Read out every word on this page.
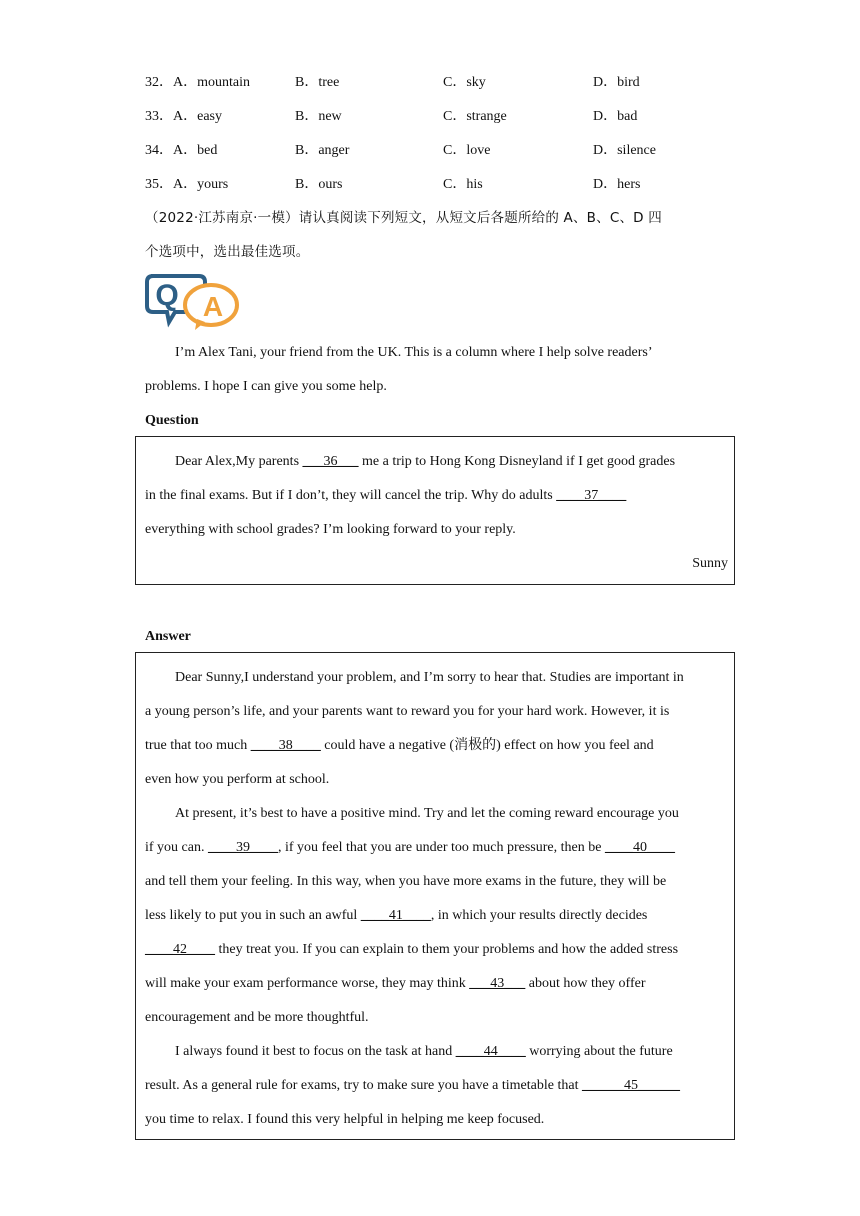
32．A．mountain	B．tree	C．sky	D．bird
33．A．easy	B．new	C．strange	D．bad
34．A．bed	B．anger	C．love	D．silence
35．A．yours	B．ours	C．his	D．hers
（2022·江苏南京·一模）请认真阅读下列短文，从短文后各题所给的 A、B、C、D 四
个选项中，选出最佳选项。
Q A
I’m Alex Tani, your friend from the UK. This is a column where I help solve readers’
problems. I hope I can give you some help.
Question
Dear Alex,My parents ___36___ me a trip to Hong Kong Disneyland if I get good grades
in the final exams. But if I don’t, they will cancel the trip. Why do adults ____37____
everything with school grades? I’m looking forward to your reply.
Sunny
Answer
Dear Sunny,I understand your problem, and I’m sorry to hear that. Studies are important in
a young person’s life, and your parents want to reward you for your hard work. However, it is
true that too much ____38____ could have a negative (消极的) effect on how you feel and
even how you perform at school.
At present, it’s best to have a positive mind. Try and let the coming reward encourage you
if you can. ____39____, if you feel that you are under too much pressure, then be ____40____
and tell them your feeling. In this way, when you have more exams in the future, they will be
less likely to put you in such an awful ____41____, in which your results directly decides
____42____ they treat you. If you can explain to them your problems and how the added stress
will make your exam performance worse, they may think ___43___ about how they offer
encouragement and be more thoughtful.
I always found it best to focus on the task at hand ____44____ worrying about the future
result. As a general rule for exams, try to make sure you have a timetable that ______45______
you time to relax. I found this very helpful in helping me keep focused.
